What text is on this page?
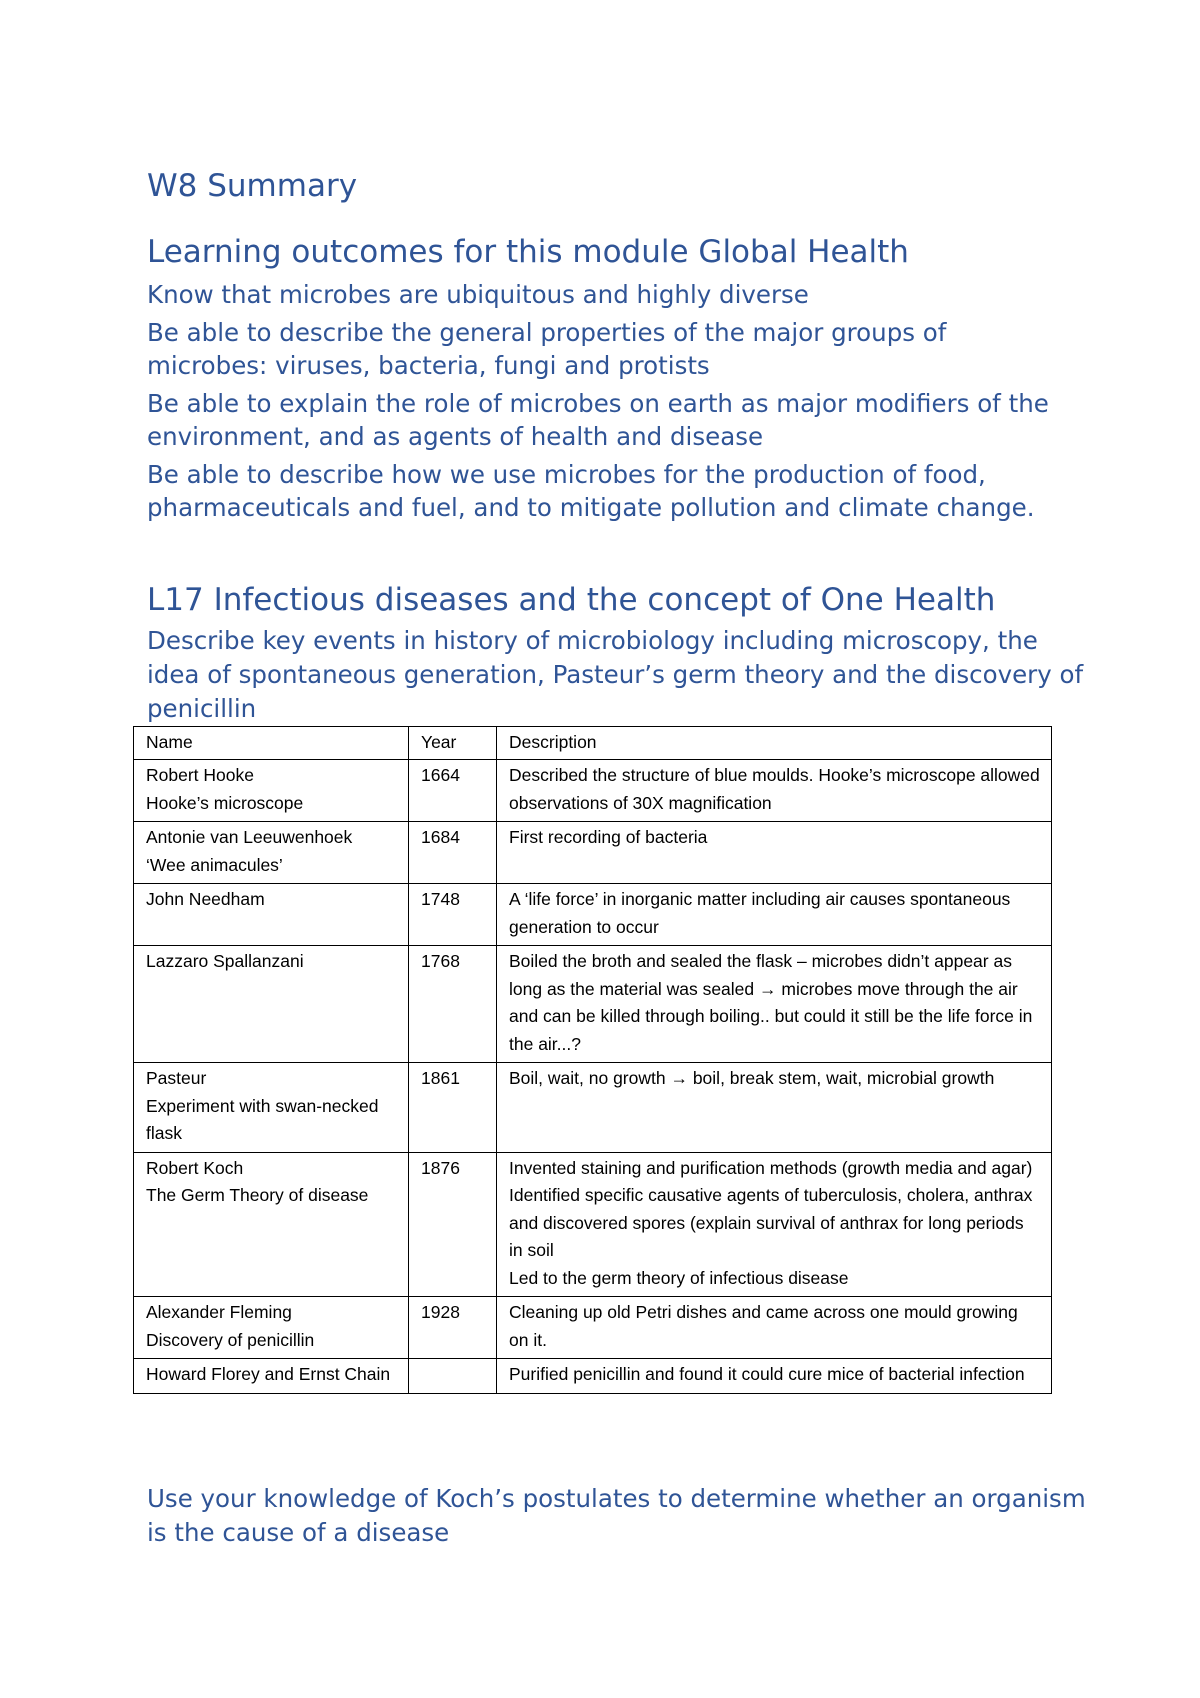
W8 Summary
Learning outcomes for this module Global Health
Know that microbes are ubiquitous and highly diverse
Be able to describe the general properties of the major groups of microbes: viruses, bacteria, fungi and protists
Be able to explain the role of microbes on earth as major modifiers of the environment, and as agents of health and disease
Be able to describe how we use microbes for the production of food, pharmaceuticals and fuel, and to mitigate pollution and climate change.
L17 Infectious diseases and the concept of One Health

Describe key events in history of microbiology including microscopy, the idea of spontaneous generation, Pasteur’s germ theory and the discovery of penicillin

Name	Year	Description

Robert Hooke
Hooke’s microscope	1664	Described the structure of blue moulds. Hooke’s microscope allowed observations of 30X magnification

Antonie van Leeuwenhoek
‘Wee animacules’	1684	First recording of bacteria

John Needham	1748	A ‘life force’ in inorganic matter including air causes spontaneous generation to occur

Lazzaro Spallanzani	1768	Boiled the broth and sealed the flask – microbes didn’t appear as long as the material was sealed → microbes move through the air and can be killed through boiling.. but could it still be the life force in the air...?

Pasteur
Experiment with swan-necked flask	1861	Boil, wait, no growth → boil, break stem, wait, microbial growth

Robert Koch
The Germ Theory of disease	1876	Invented staining and purification methods (growth media and agar)
Identified specific causative agents of tuberculosis, cholera, anthrax and discovered spores (explain survival of anthrax for long periods in soil
Led to the germ theory of infectious disease

Alexander Fleming
Discovery of penicillin	1928	Cleaning up old Petri dishes and came across one mould growing on it.

Howard Florey and Ernst Chain		Purified penicillin and found it could cure mice of bacterial infection

Use your knowledge of Koch’s postulates to determine whether an organism is the cause of a disease
